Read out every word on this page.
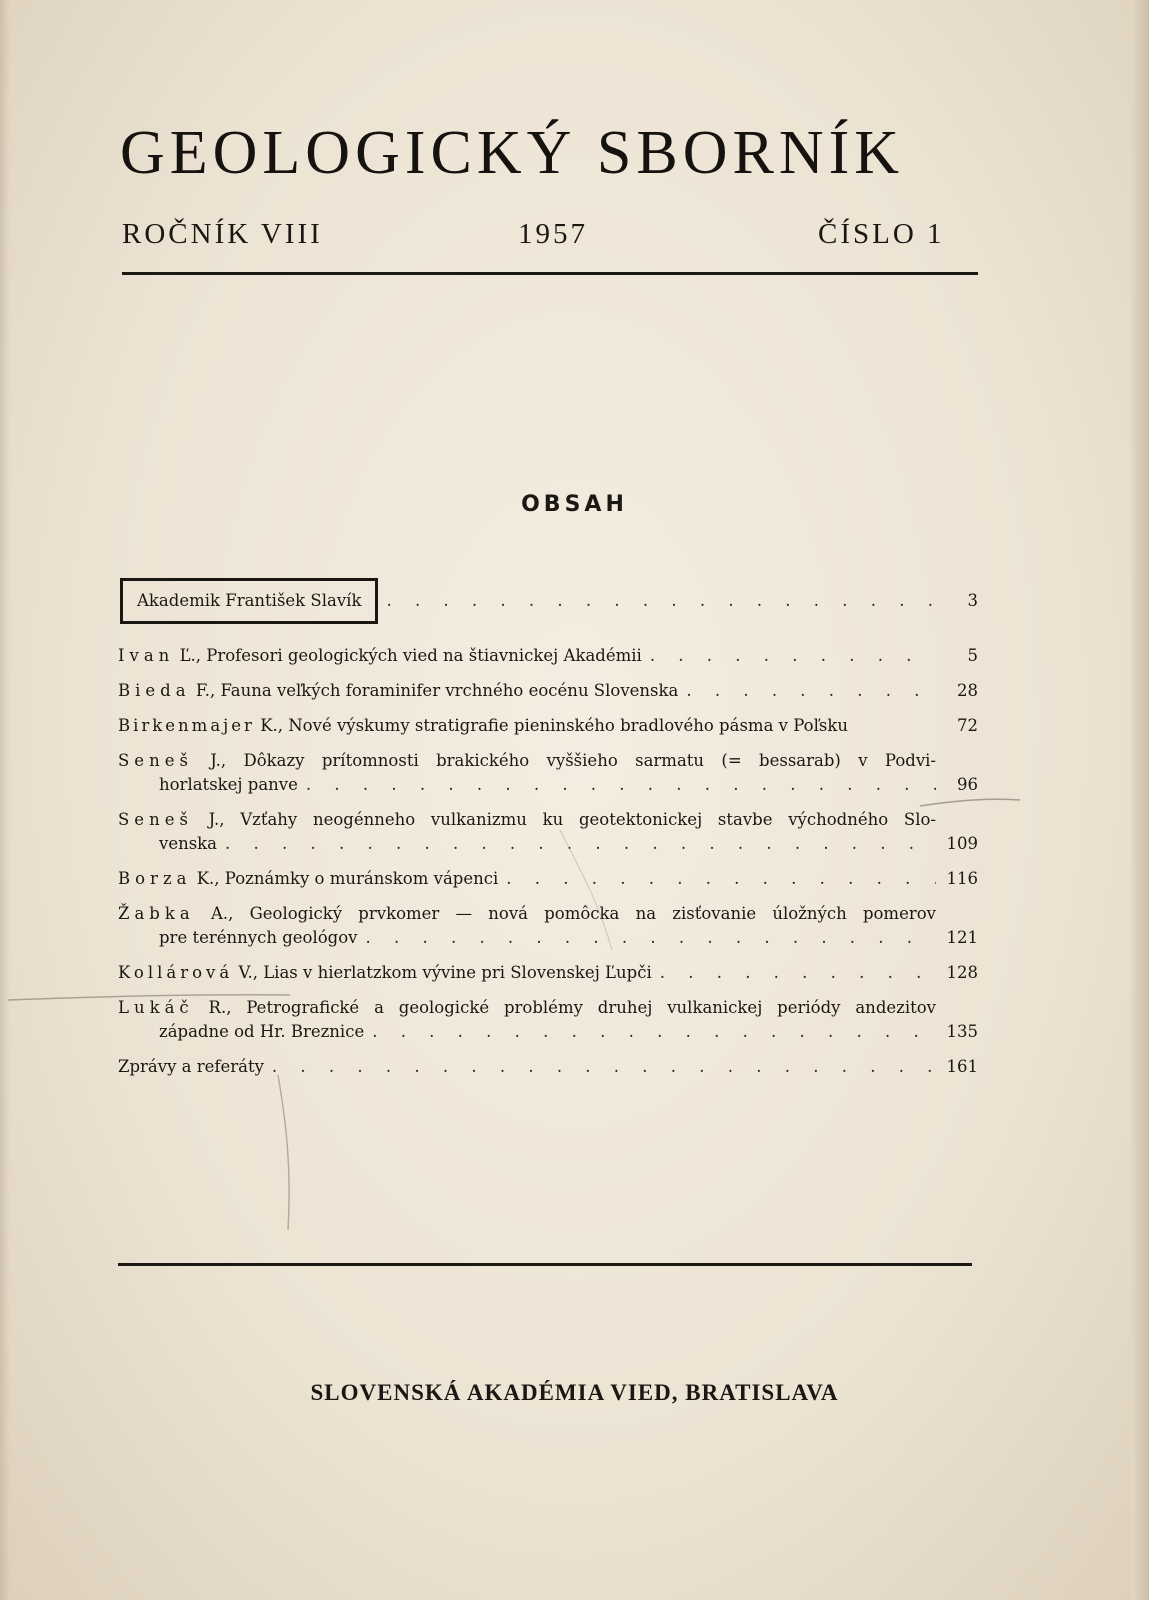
GEOLOGICKÝ SBORNÍK
ROČNÍK VIII	1957	ČÍSLO 1
OBSAH
Akademik František Slavík . . .	3
Ivan Ľ., Profesori geologických vied na štiavnickej Akadémii . . .	5
Bieda F., Fauna veľkých foraminifer vrchného eocénu Slovenska . . .	28
Birkenmajer K., Nové výskumy stratigrafie pieninského bradlového pásma v Poľsku	72
Seneš J., Dôkazy prítomnosti brakického vyššieho sarmatu (= bessarab) v Podvi-
horlatskej panve . . .	96
Seneš J., Vzťahy neogénneho vulkanizmu ku geotektonickej stavbe východného Slo-
venska . . .	109
Borza K., Poznámky o muránskom vápenci . . .	116
Žabka A., Geologický prvkomer — nová pomôcka na zisťovanie úložných pomerov
pre terénnych geológov . . .	121
Kollárová V., Lias v hierlatzkom vývine pri Slovenskej Ľupči . . .	128
Lukáč R., Petrografické a geologické problémy druhej vulkanickej periódy andezitov
západne od Hr. Breznice . . .	135
Zprávy a referáty . . .	161
SLOVENSKÁ AKADÉMIA VIED, BRATISLAVA
